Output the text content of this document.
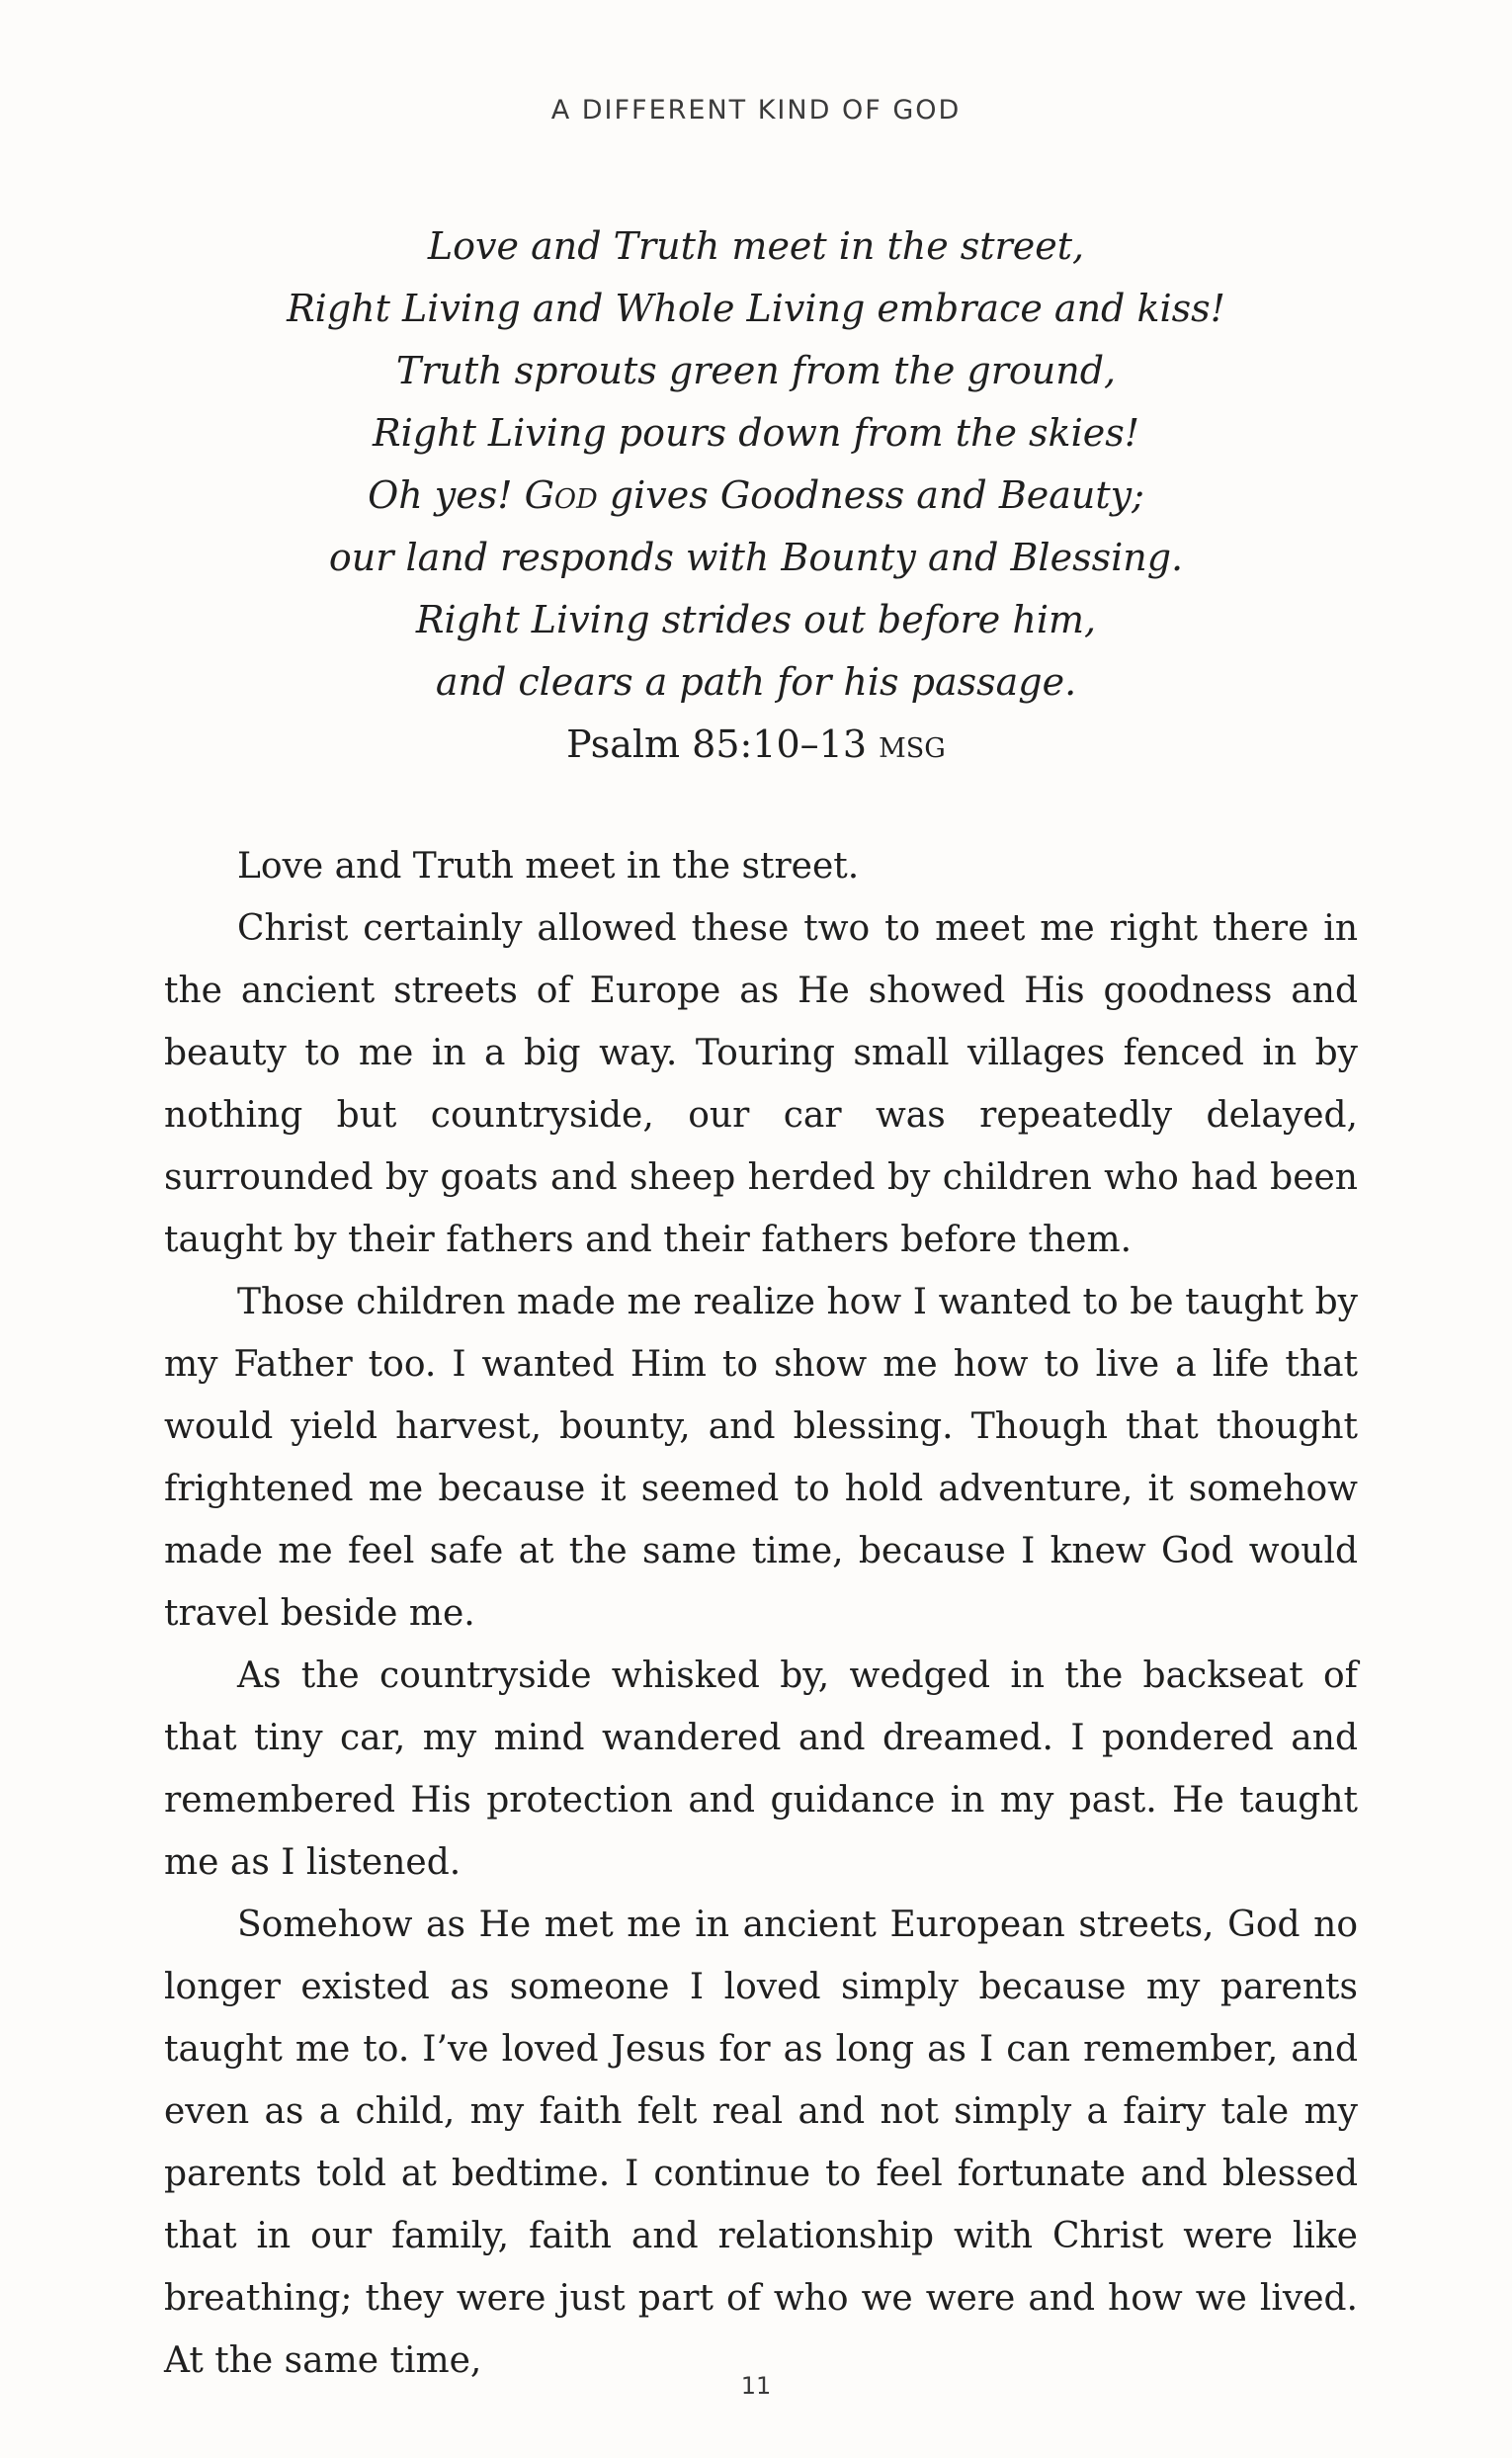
A DIFFERENT KIND OF GOD
Love and Truth meet in the street,
Right Living and Whole Living embrace and kiss!
Truth sprouts green from the ground,
Right Living pours down from the skies!
Oh yes! God gives Goodness and Beauty;
our land responds with Bounty and Blessing.
Right Living strides out before him,
and clears a path for his passage.
Psalm 85:10–13 msg

Love and Truth meet in the street.

Christ certainly allowed these two to meet me right there in the ancient streets of Europe as He showed His goodness and beauty to me in a big way. Touring small villages fenced in by nothing but countryside, our car was repeatedly delayed, surrounded by goats and sheep herded by children who had been taught by their fathers and their fathers before them.

Those children made me realize how I wanted to be taught by my Father too. I wanted Him to show me how to live a life that would yield harvest, bounty, and blessing. Though that thought frightened me because it seemed to hold adventure, it somehow made me feel safe at the same time, because I knew God would travel beside me.

As the countryside whisked by, wedged in the backseat of that tiny car, my mind wandered and dreamed. I pondered and remembered His protection and guidance in my past. He taught me as I listened.

Somehow as He met me in ancient European streets, God no longer existed as someone I loved simply because my parents taught me to. I’ve loved Jesus for as long as I can remember, and even as a child, my faith felt real and not simply a fairy tale my parents told at bedtime. I continue to feel fortunate and blessed that in our family, faith and relationship with Christ were like breathing; they were just part of who we were and how we lived. At the same time,

11
